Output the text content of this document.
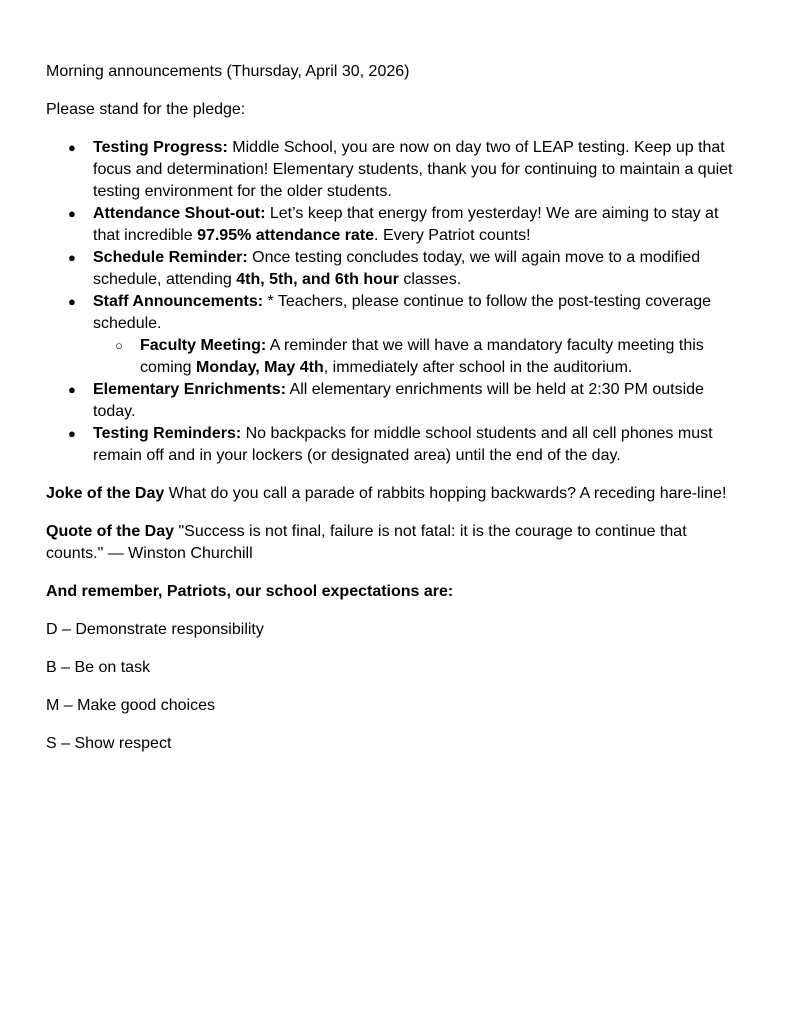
Morning announcements (Thursday, April 30, 2026)

Please stand for the pledge:

● Testing Progress: Middle School, you are now on day two of LEAP testing. Keep up that focus and determination! Elementary students, thank you for continuing to maintain a quiet testing environment for the older students.
● Attendance Shout-out: Let’s keep that energy from yesterday! We are aiming to stay at that incredible 97.95% attendance rate. Every Patriot counts!
● Schedule Reminder: Once testing concludes today, we will again move to a modified schedule, attending 4th, 5th, and 6th hour classes.
● Staff Announcements: * Teachers, please continue to follow the post-testing coverage schedule.
○ Faculty Meeting: A reminder that we will have a mandatory faculty meeting this coming Monday, May 4th, immediately after school in the auditorium.
● Elementary Enrichments: All elementary enrichments will be held at 2:30 PM outside today.
● Testing Reminders: No backpacks for middle school students and all cell phones must remain off and in your lockers (or designated area) until the end of the day.

Joke of the Day What do you call a parade of rabbits hopping backwards? A receding hare-line!

Quote of the Day "Success is not final, failure is not fatal: it is the courage to continue that counts." — Winston Churchill

And remember, Patriots, our school expectations are:

D – Demonstrate responsibility

B – Be on task

M – Make good choices

S – Show respect
